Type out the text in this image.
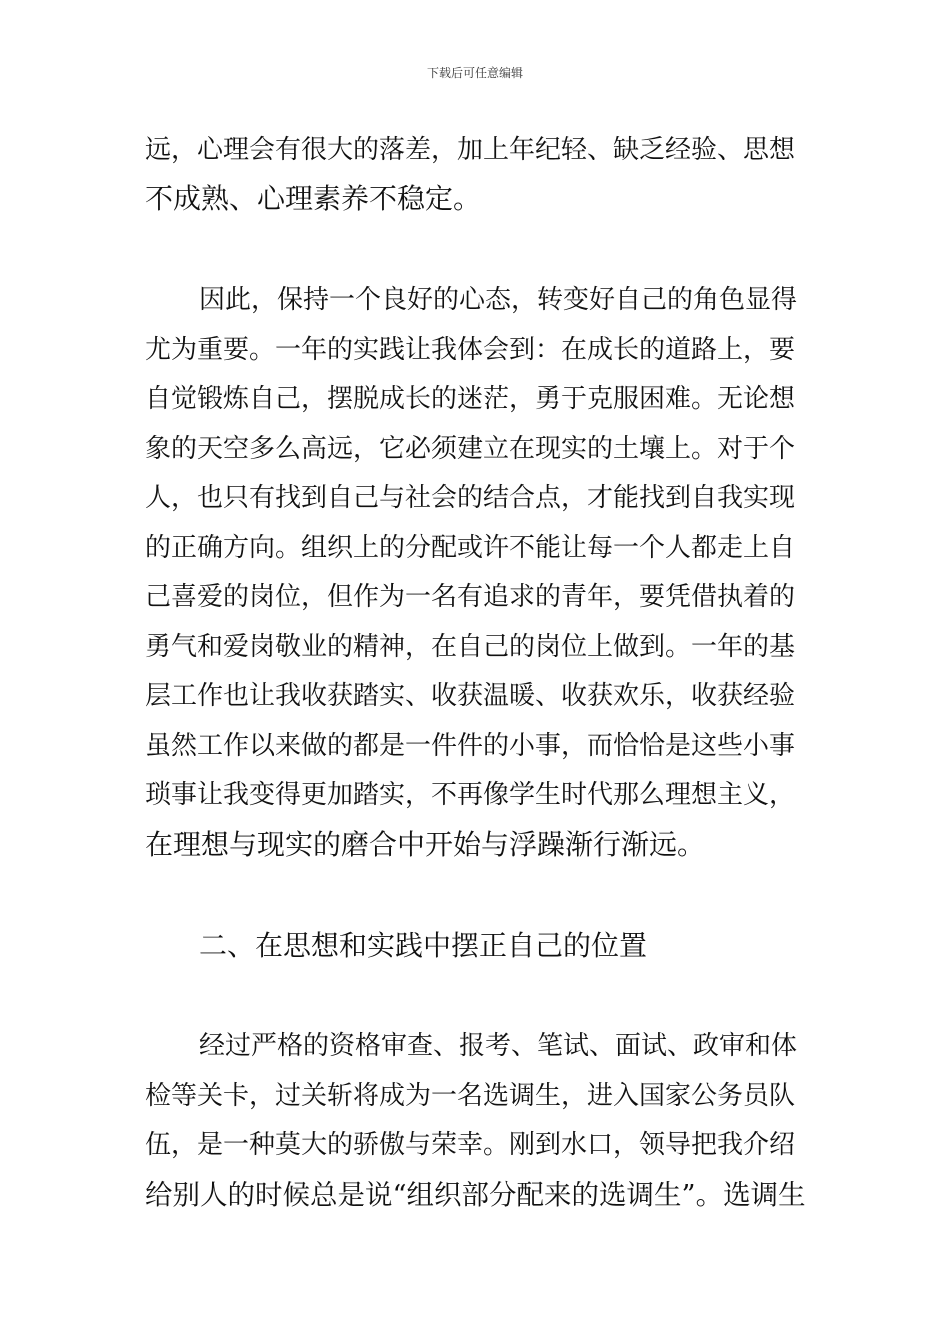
下载后可任意编辑

远，心理会有很大的落差，加上年纪轻、缺乏经验、思想

不成熟、心理素养不稳定。

因此，保持一个良好的心态，转变好自己的角色显得

尤为重要。一年的实践让我体会到：在成长的道路上，要

自觉锻炼自己，摆脱成长的迷茫，勇于克服困难。无论想

象的天空多么高远，它必须建立在现实的土壤上。对于个

人，也只有找到自己与社会的结合点，才能找到自我实现

的正确方向。组织上的分配或许不能让每一个人都走上自

己喜爱的岗位，但作为一名有追求的青年，要凭借执着的

勇气和爱岗敬业的精神，在自己的岗位上做到。一年的基

层工作也让我收获踏实、收获温暖、收获欢乐，收获经验

虽然工作以来做的都是一件件的小事，而恰恰是这些小事

琐事让我变得更加踏实，不再像学生时代那么理想主义，

在理想与现实的磨合中开始与浮躁渐行渐远。

二、在思想和实践中摆正自己的位置

经过严格的资格审查、报考、笔试、面试、政审和体

检等关卡，过关斩将成为一名选调生，进入国家公务员队

伍，是一种莫大的骄傲与荣幸。刚到水口，领导把我介绍

给别人的时候总是说“组织部分配来的选调生”。选调生
